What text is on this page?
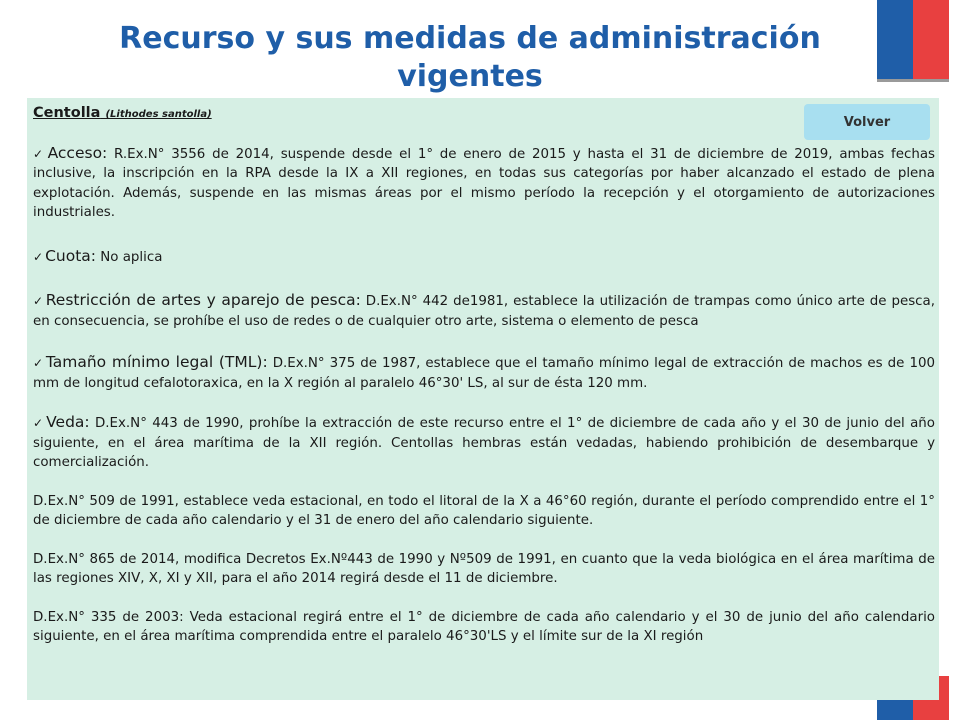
Recurso y sus medidas de administración vigentes
Centolla (Lithodes santolla)

✓ Acceso: R.Ex.N° 3556 de 2014, suspende desde el 1° de enero de 2015 y hasta el 31 de diciembre de 2019, ambas fechas inclusive, la inscripción en la RPA desde la IX a XII regiones, en todas sus categorías por haber alcanzado el estado de plena explotación. Además, suspende en las mismas áreas por el mismo período la recepción y el otorgamiento de autorizaciones industriales.

✓ Cuota: No aplica

✓ Restricción de artes y aparejo de pesca: D.Ex.N° 442 de1981, establece la utilización de trampas como único arte de pesca, en consecuencia, se prohíbe el uso de redes o de cualquier otro arte, sistema o elemento de pesca

✓ Tamaño mínimo legal (TML): D.Ex.N° 375 de 1987, establece que el tamaño mínimo legal de extracción de machos es de 100 mm de longitud cefalotoraxica, en la X región al paralelo 46°30' LS, al sur de ésta 120 mm.

✓ Veda: D.Ex.N° 443 de 1990, prohíbe la extracción de este recurso entre el 1° de diciembre de cada año y el 30 de junio del año siguiente, en el área marítima de la XII región. Centollas hembras están vedadas, habiendo prohibición de desembarque y comercialización.

D.Ex.N° 509 de 1991, establece veda estacional, en todo el litoral de la X a 46°60 región, durante el período comprendido entre el 1° de diciembre de cada año calendario y el 31 de enero del año calendario siguiente.

D.Ex.N° 865 de 2014, modifica Decretos Ex.Nº443 de 1990 y Nº509 de 1991, en cuanto que la veda biológica en el área marítima de las regiones XIV, X, XI y XII, para el año 2014 regirá desde el 11 de diciembre.

D.Ex.N° 335 de 2003: Veda estacional regirá entre el 1° de diciembre de cada año calendario y el 30 de junio del año calendario siguiente, en el área marítima comprendida entre el paralelo 46°30'LS y el límite sur de la XI región

Volver
